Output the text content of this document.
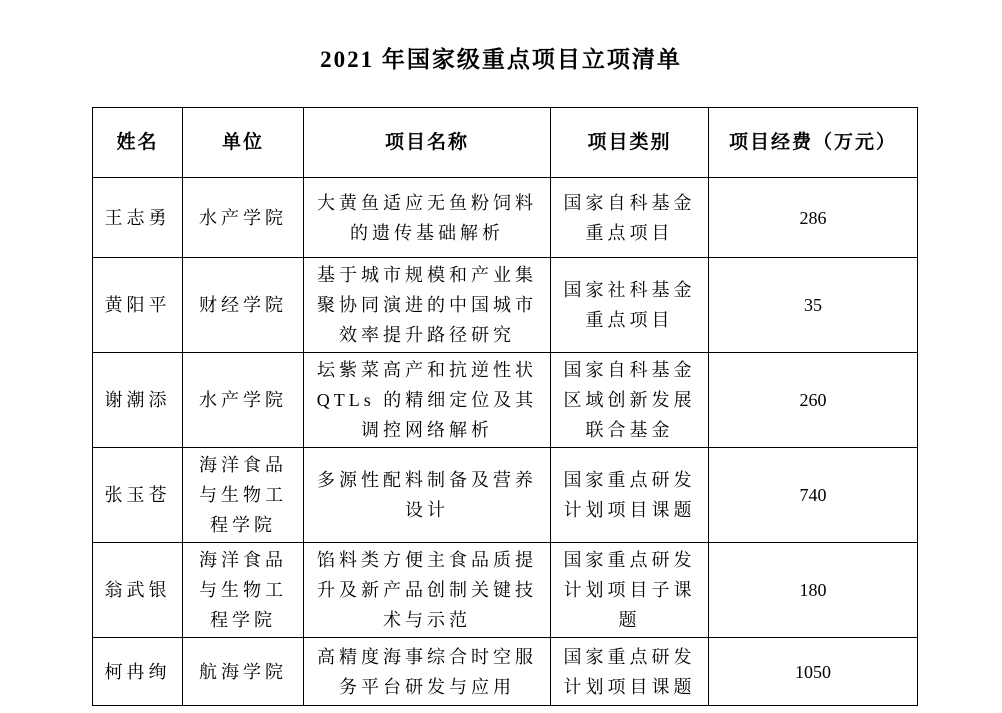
2021 年国家级重点项目立项清单
姓名	单位	项目名称	项目类别	项目经费（万元）
王志勇	水产学院	大黄鱼适应无鱼粉饲料的遗传基础解析	国家自科基金重点项目	286
黄阳平	财经学院	基于城市规模和产业集聚协同演进的中国城市效率提升路径研究	国家社科基金重点项目	35
谢潮添	水产学院	坛紫菜高产和抗逆性状 QTLs 的精细定位及其调控网络解析	国家自科基金区域创新发展联合基金	260
张玉苍	海洋食品与生物工程学院	多源性配料制备及营养设计	国家重点研发计划项目课题	740
翁武银	海洋食品与生物工程学院	馅料类方便主食品质提升及新产品创制关键技术与示范	国家重点研发计划项目子课题	180
柯冉绚	航海学院	高精度海事综合时空服务平台研发与应用	国家重点研发计划项目课题	1050
